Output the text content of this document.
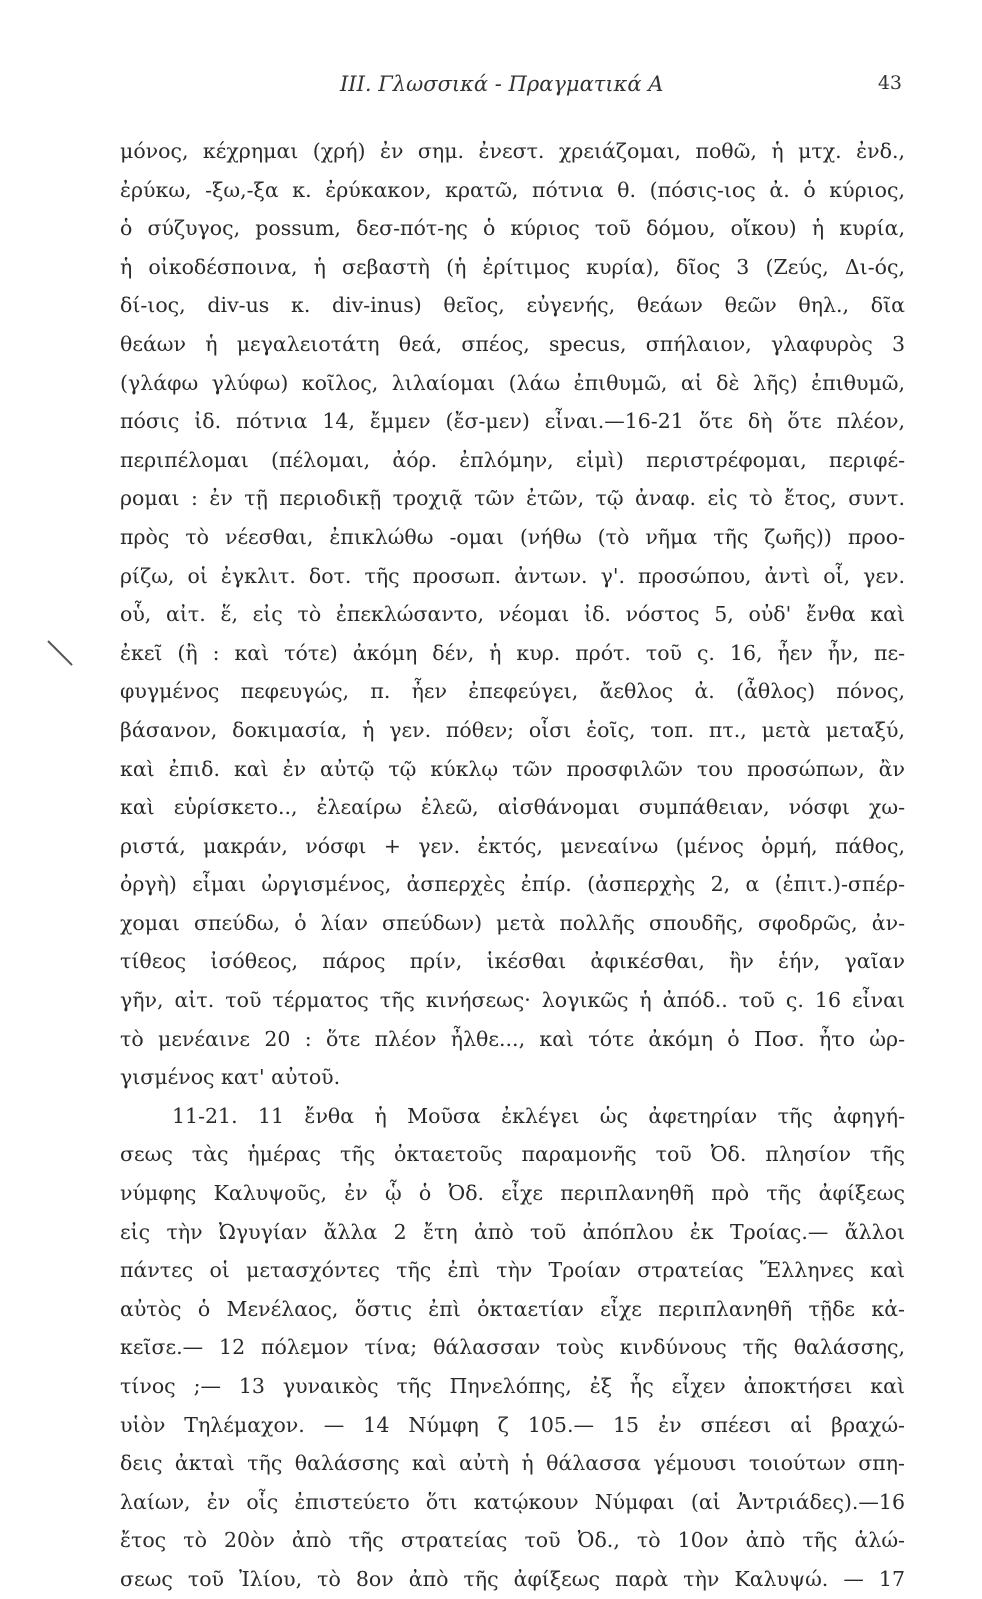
III. Γλωσσικά - Πραγματικά Α	43
μόνος, κέχρημαι (χρή) ἐν σημ. ἐνεστ. χρειάζομαι, ποθῶ, ἡ μτχ. ἐνδ.,
ἐρύκω, -ξω,-ξα κ. ἐρύκακον, κρατῶ, πότνια θ. (πόσις-ιος ἀ. ὁ κύριος,
ὁ σύζυγος, possum, δεσ-πότ-ης ὁ κύριος τοῦ δόμου, οἴκου) ἡ κυρία,
ἡ οἰκοδέσποινα, ἡ σεβαστὴ (ἡ ἐρίτιμος κυρία), δῖος 3 (Ζεύς, Δι-ός,
δί-ιος, div-us κ. div-inus) θεῖος, εὐγενής, θεάων θεῶν θηλ., δῖα
θεάων ἡ μεγαλειοτάτη θεά, σπέος, specus, σπήλαιον, γλαφυρὸς 3
(γλάφω γλύφω) κοῖλος, λιλαίομαι (λάω ἐπιθυμῶ, αἱ δὲ λῆς) ἐπιθυμῶ,
πόσις ἰδ. πότνια 14, ἔμμεν (ἔσ-μεν) εἶναι.—16-21 ὅτε δὴ ὅτε πλέον,
περιπέλομαι (πέλομαι, ἀόρ. ἐπλόμην, εἰμὶ) περιστρέφομαι, περιφέ-
ρομαι : ἐν τῇ περιοδικῇ τροχιᾷ τῶν ἐτῶν, τῷ ἀναφ. εἰς τὸ ἔτος, συντ.
πρὸς τὸ νέεσθαι, ἐπικλώθω -ομαι (νήθω (τὸ νῆμα τῆς ζωῆς)) προο-
ρίζω, οἱ ἐγκλιτ. δοτ. τῆς προσωπ. ἀντων. γ'. προσώπου, ἀντὶ οἷ, γεν.
οὗ, αἰτ. ἕ, εἰς τὸ ἐπεκλώσαντο, νέομαι ἰδ. νόστος 5, οὐδ' ἔνθα καὶ
ἐκεῖ (ἢ : καὶ τότε) ἀκόμη δέν, ἡ κυρ. πρότ. τοῦ ς. 16, ἦεν ἦν, πε-
φυγμένος πεφευγώς, π. ἦεν ἐπεφεύγει, ἄεθλος ἀ. (ἆθλος) πόνος,
βάσανον, δοκιμασία, ἡ γεν. πόθεν; οἷσι ἑοῖς, τοπ. πτ., μετὰ μεταξύ,
καὶ ἐπιδ. καὶ ἐν αὐτῷ τῷ κύκλῳ τῶν προσφιλῶν του προσώπων, ἂν
καὶ εὑρίσκετο.., ἐλεαίρω ἐλεῶ, αἰσθάνομαι συμπάθειαν, νόσφι χω-
ριστά, μακράν, νόσφι + γεν. ἐκτός, μενεαίνω (μένος ὁρμή, πάθος,
ὀργὴ) εἶμαι ὠργισμένος, ἀσπερχὲς ἐπίρ. (ἀσπερχὴς 2, α (ἐπιτ.)-σπέρ-
χομαι σπεύδω, ὁ λίαν σπεύδων) μετὰ πολλῆς σπουδῆς, σφοδρῶς, ἀν-
τίθεος ἰσόθεος, πάρος πρίν, ἱκέσθαι ἀφικέσθαι, ἣν ἑήν, γαῖαν
γῆν, αἰτ. τοῦ τέρματος τῆς κινήσεως· λογικῶς ἡ ἀπόδ.. τοῦ ς. 16 εἶναι
τὸ μενέαινε 20 : ὅτε πλέον ἦλθε..., καὶ τότε ἀκόμη ὁ Ποσ. ἦτο ὠρ-
γισμένος κατ' αὐτοῦ.
11-21. 11 ἔνθα ἡ Μοῦσα ἐκλέγει ὡς ἀφετηρίαν τῆς ἀφηγή-
σεως τὰς ἡμέρας τῆς ὀκταετοῦς παραμονῆς τοῦ Ὀδ. πλησίον τῆς
νύμφης Καλυψοῦς, ἐν ᾧ ὁ Ὀδ. εἶχε περιπλανηθῆ πρὸ τῆς ἀφίξεως
εἰς τὴν Ὠγυγίαν ἄλλα 2 ἔτη ἀπὸ τοῦ ἀπόπλου ἐκ Τροίας.— ἄλλοι
πάντες οἱ μετασχόντες τῆς ἐπὶ τὴν Τροίαν στρατείας Ἕλληνες καὶ
αὐτὸς ὁ Μενέλαος, ὅστις ἐπὶ ὀκταετίαν εἶχε περιπλανηθῆ τῇδε κἀ-
κεῖσε.— 12 πόλεμον τίνα; θάλασσαν τοὺς κινδύνους τῆς θαλάσσης,
τίνος ;— 13 γυναικὸς τῆς Πηνελόπης, ἐξ ἧς εἶχεν ἀποκτήσει καὶ
υἱὸν Τηλέμαχον. — 14 Νύμφη ζ 105.— 15 ἐν σπέεσι αἱ βραχώ-
δεις ἀκταὶ τῆς θαλάσσης καὶ αὐτὴ ἡ θάλασσα γέμουσι τοιούτων σπη-
λαίων, ἐν οἷς ἐπιστεύετο ὅτι κατῴκουν Νύμφαι (αἱ Ἀντριάδες).—16
ἔτος τὸ 20ὸν ἀπὸ τῆς στρατείας τοῦ Ὀδ., τὸ 10ον ἀπὸ τῆς ἁλώ-
σεως τοῦ Ἰλίου, τὸ 8ον ἀπὸ τῆς ἀφίξεως παρὰ τὴν Καλυψώ. — 17
